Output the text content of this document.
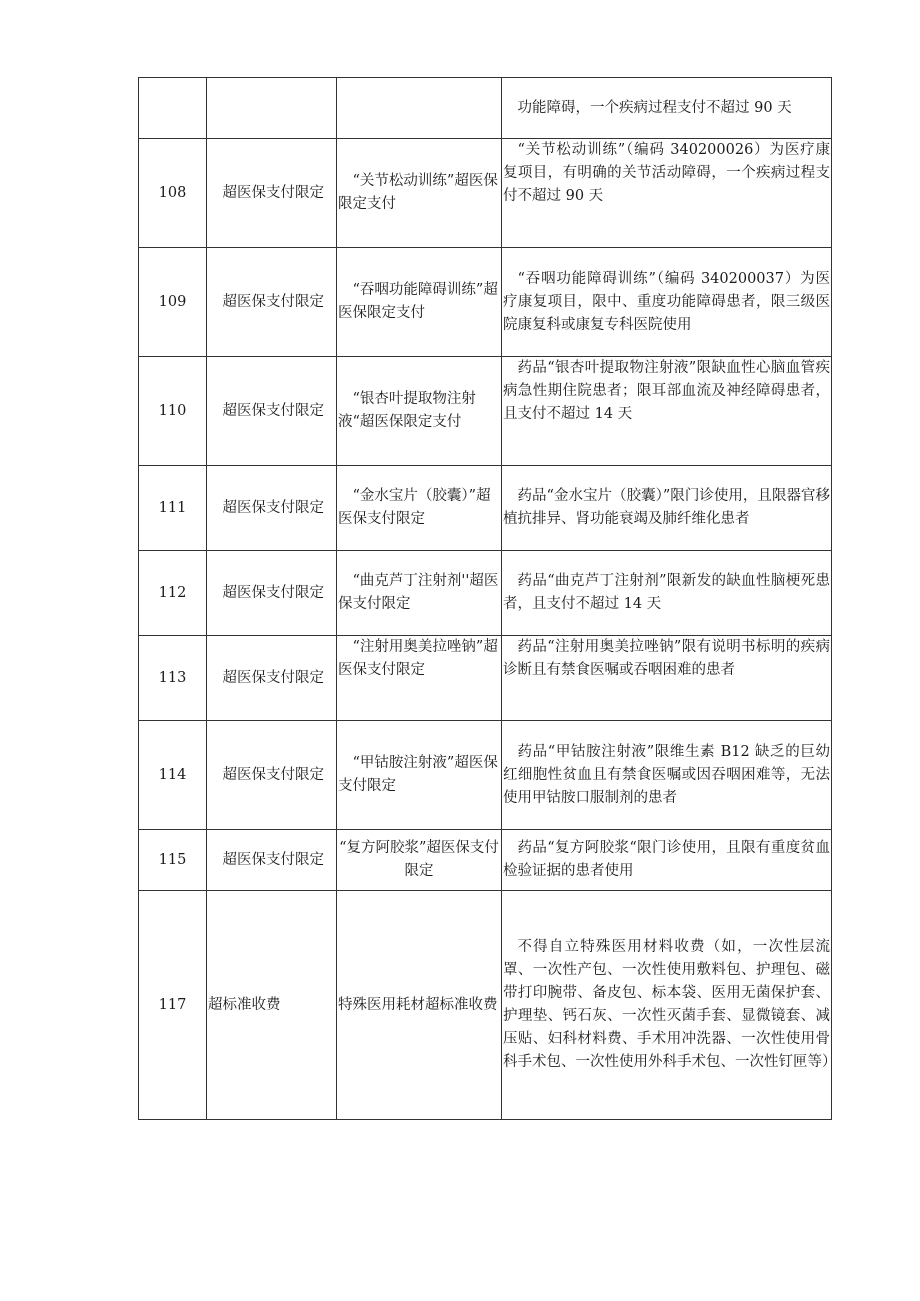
			功能障碍，一个疾病过程支付不超过 90 天

108	超医保支付限定	“关节松动训练”超医保限定支付	“关节松动训练”（编码 340200026）为医疗康复项目，有明确的关节活动障碍，一个疾病过程支付不超过 90 天

109	超医保支付限定	“吞咽功能障碍训练”超医保限定支付	“吞咽功能障碍训练”（编码 340200037）为医疗康复项目，限中、重度功能障碍患者，限三级医院康复科或康复专科医院使用

110	超医保支付限定	“银杏叶提取物注射液“超医保限定支付	药品“银杏叶提取物注射液”限缺血性心脑血管疾病急性期住院患者；限耳部血流及神经障碍患者，且支付不超过 14 天

111	超医保支付限定	“金水宝片（胶囊）”超医保支付限定	药品“金水宝片（胶囊）”限门诊使用，且限器官移植抗排异、肾功能衰竭及肺纤维化患者

112	超医保支付限定	“曲克芦丁注射剂''超医保支付限定	药品“曲克芦丁注射剂”限新发的缺血性脑梗死患者，且支付不超过 14 天

113	超医保支付限定	“注射用奥美拉唑钠”超医保支付限定	药品“注射用奥美拉唑钠”限有说明书标明的疾病诊断且有禁食医嘱或吞咽困难的患者

114	超医保支付限定	“甲钴胺注射液”超医保支付限定	药品“甲钴胺注射液”限维生素 B12 缺乏的巨幼红细胞性贫血且有禁食医嘱或因吞咽困难等，无法使用甲钴胺口服制剂的患者

115	超医保支付限定	“复方阿胶浆”超医保支付限定	药品“复方阿胶浆“限门诊使用，且限有重度贫血检验证据的患者使用

117	超标准收费	特殊医用耗材超标准收费	不得自立特殊医用材料收费（如，一次性层流罩、一次性产包、一次性使用敷料包、护理包、磁带打印腕带、备皮包、标本袋、医用无菌保护套、护理垫、钙石灰、一次性灭菌手套、显微镜套、减压贴、妇科材料费、手术用冲洗器、一次性使用骨科手术包、一次性使用外科手术包、一次性钉匣等）
